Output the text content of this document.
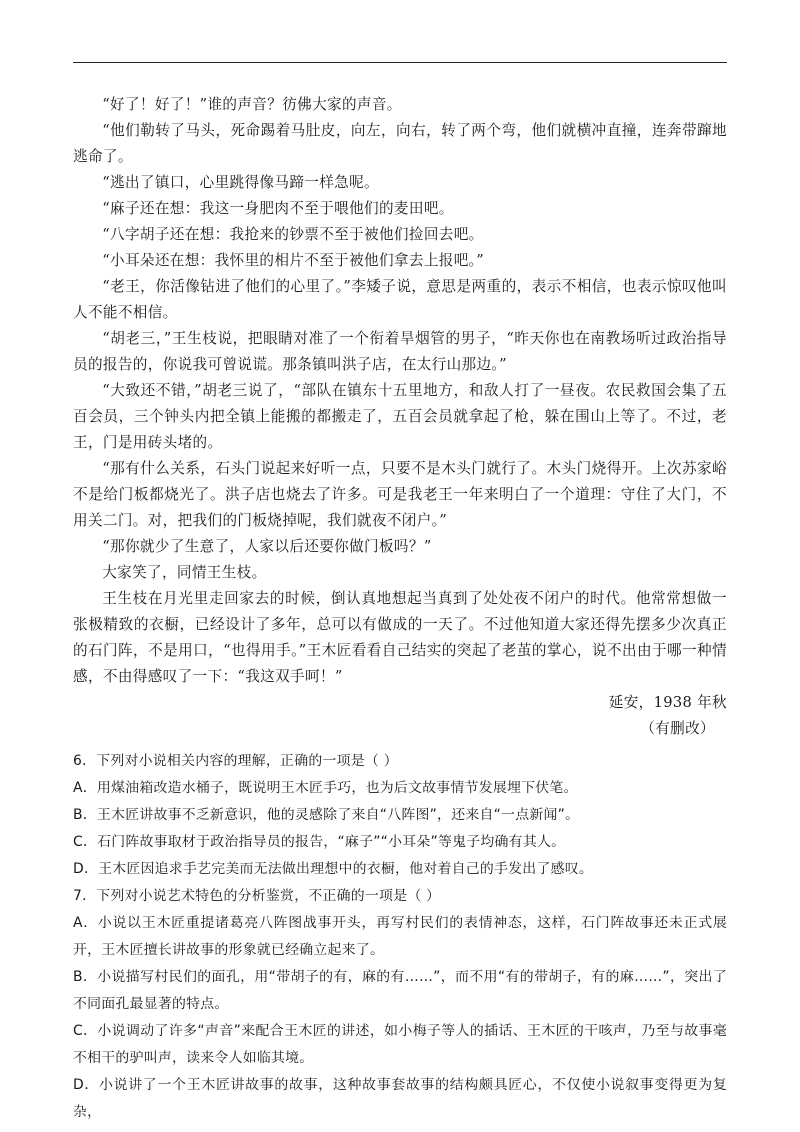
“好了！好了！”谁的声音？彷佛大家的声音。

“他们勒转了马头，死命踢着马肚皮，向左，向右，转了两个弯，他们就横冲直撞，连奔带蹿地逃命了。

“逃出了镇口，心里跳得像马蹄一样急呢。

“麻子还在想：我这一身肥肉不至于喂他们的麦田吧。

“八字胡子还在想：我抢来的钞票不至于被他们捡回去吧。

“小耳朵还在想：我怀里的相片不至于被他们拿去上报吧。”

“老王，你活像钻进了他们的心里了。”李矮子说，意思是两重的，表示不相信，也表示惊叹他叫人不能不相信。

“胡老三，”王生枝说，把眼睛对准了一个衔着旱烟管的男子，“昨天你也在南教场听过政治指导员的报告的，你说我可曾说谎。那条镇叫洪子店，在太行山那边。”

“大致还不错，”胡老三说了，“部队在镇东十五里地方，和敌人打了一昼夜。农民救国会集了五百会员，三个钟头内把全镇上能搬的都搬走了，五百会员就拿起了枪，躲在围山上等了。不过，老王，门是用砖头堵的。

“那有什么关系，石头门说起来好听一点，只要不是木头门就行了。木头门烧得开。上次苏家峪不是给门板都烧光了。洪子店也烧去了许多。可是我老王一年来明白了一个道理：守住了大门，不用关二门。对，把我们的门板烧掉呢，我们就夜不闭户。”

“那你就少了生意了，人家以后还要你做门板吗？”

大家笑了，同情王生枝。

王生枝在月光里走回家去的时候，倒认真地想起当真到了处处夜不闭户的时代。他常常想做一张极精致的衣橱，已经设计了多年，总可以有做成的一天了。不过他知道大家还得先摆多少次真正的石门阵，不是用口，“也得用手。”王木匠看看自己结实的突起了老茧的掌心，说不出由于哪一种情感，不由得感叹了一下：“我这双手呵！”

延安，1938 年秋

（有删改）

6．下列对小说相关内容的理解，正确的一项是（ ）

A．用煤油箱改造水桶子，既说明王木匠手巧，也为后文故事情节发展埋下伏笔。

B．王木匠讲故事不乏新意识，他的灵感除了来自“八阵图”，还来自“一点新闻”。

C．石门阵故事取材于政治指导员的报告，“麻子”“小耳朵”等鬼子均确有其人。

D．王木匠因追求手艺完美而无法做出理想中的衣橱，他对着自己的手发出了感叹。

7．下列对小说艺术特色的分析鉴赏，不正确的一项是（ ）

A．小说以王木匠重提诸葛亮八阵图战事开头，再写村民们的表情神态，这样，石门阵故事还未正式展开，王木匠擅长讲故事的形象就已经确立起来了。

B．小说描写村民们的面孔，用“带胡子的有，麻的有……”，而不用“有的带胡子，有的麻……”，突出了不同面孔最显著的特点。

C．小说调动了许多“声音”来配合王木匠的讲述，如小梅子等人的插话、王木匠的干咳声，乃至与故事毫不相干的驴叫声，读来令人如临其境。

D．小说讲了一个王木匠讲故事的故事，这种故事套故事的结构颇具匠心，不仅使小说叙事变得更为复杂，
